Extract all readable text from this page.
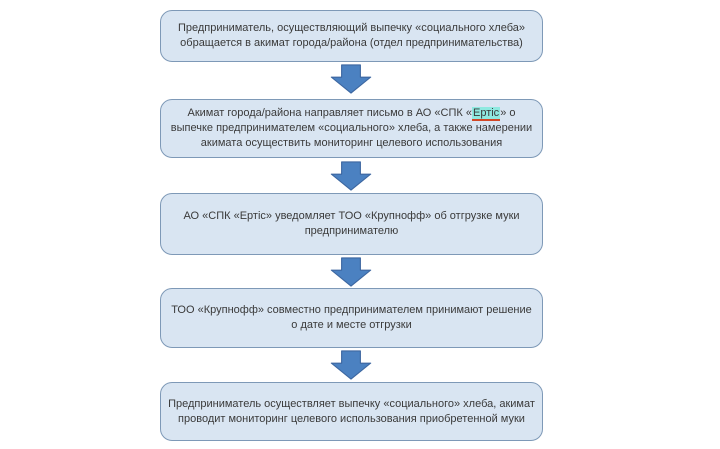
Предприниматель, осуществляющий выпечку «социального хлеба» обращается в акимат города/района (отдел предпринимательства)

Акимат города/района направляет письмо в АО «СПК «Ертіс» о выпечке предпринимателем «социального» хлеба, а также намерении акимата осуществить мониторинг целевого использования

АО «СПК «Ертіс» уведомляет ТОО «Крупнофф» об отгрузке муки предпринимателю

ТОО «Крупнофф» совместно предпринимателем принимают решение о дате и месте отгрузки

Предприниматель осуществляет выпечку «социального» хлеба, акимат проводит мониторинг целевого использования приобретенной муки
